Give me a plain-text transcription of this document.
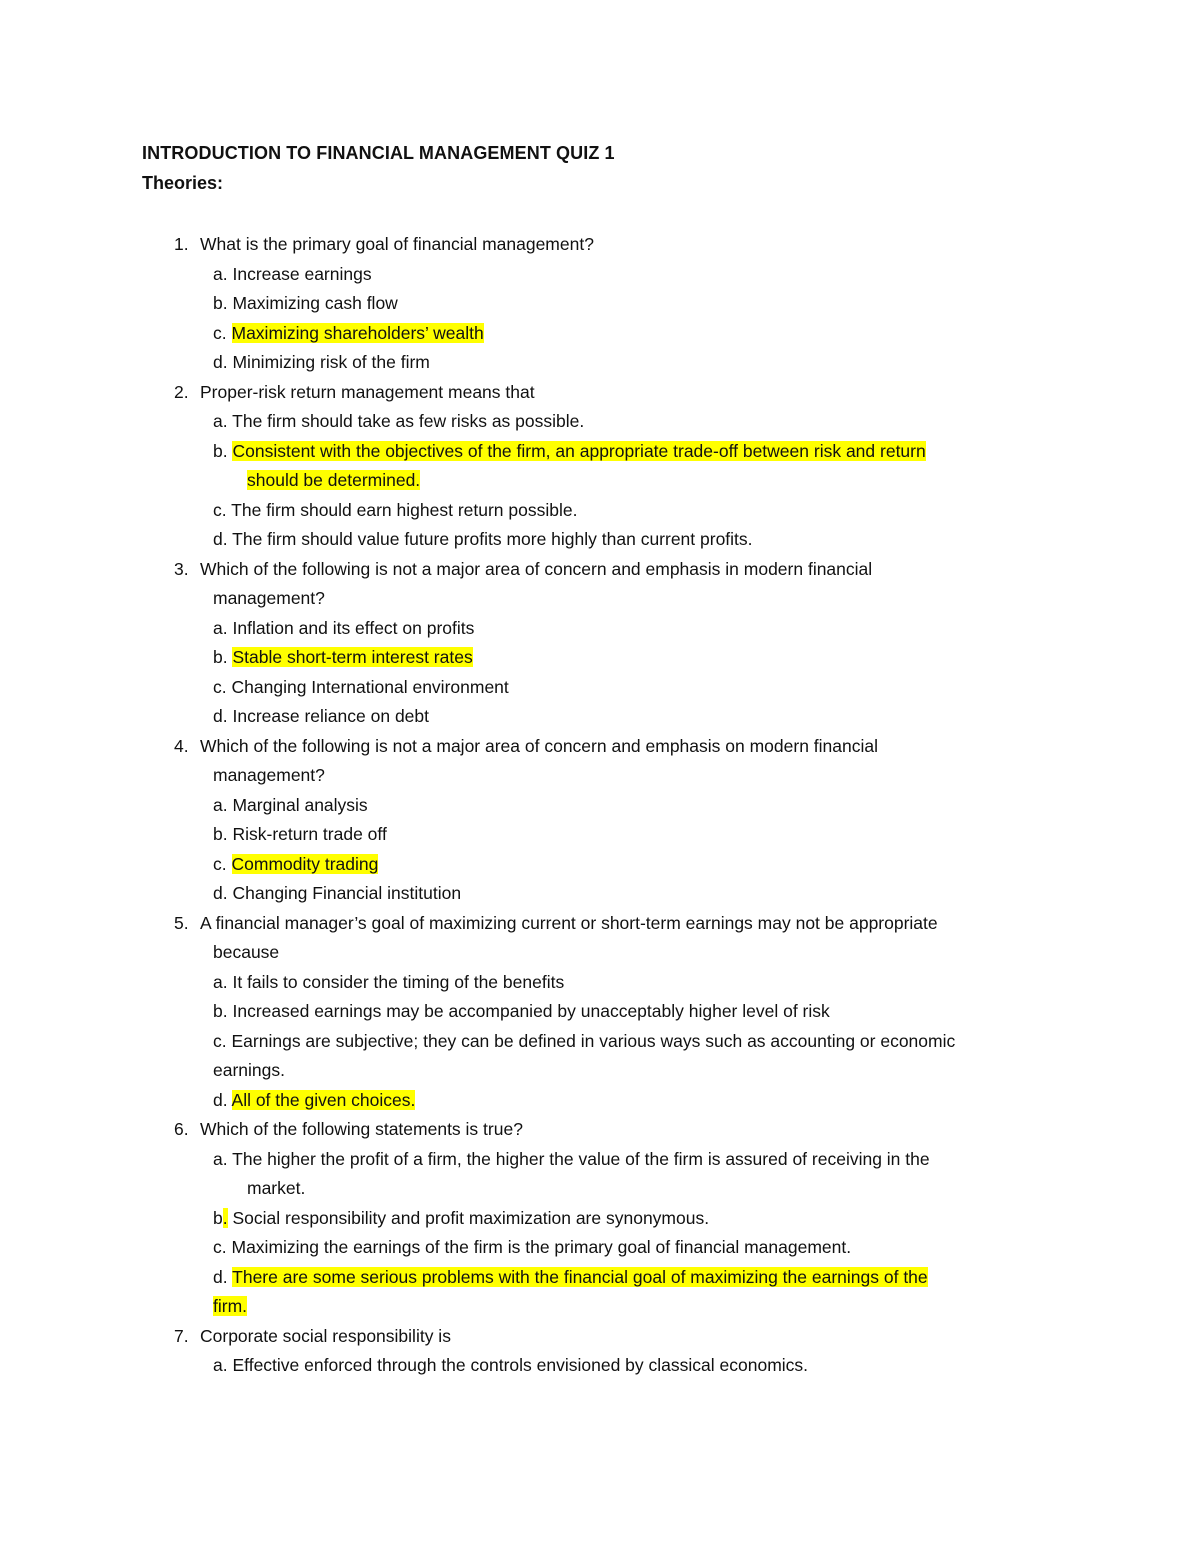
INTRODUCTION TO FINANCIAL MANAGEMENT QUIZ 1
Theories:
1. What is the primary goal of financial management?
a. Increase earnings
b. Maximizing cash flow
c. Maximizing shareholders’ wealth
d. Minimizing risk of the firm
2. Proper-risk return management means that
a. The firm should take as few risks as possible.
b. Consistent with the objectives of the firm, an appropriate trade-off between risk and return
should be determined.
c. The firm should earn highest return possible.
d. The firm should value future profits more highly than current profits.
3. Which of the following is not a major area of concern and emphasis in modern financial
management?
a. Inflation and its effect on profits
b. Stable short-term interest rates
c. Changing International environment
d. Increase reliance on debt
4. Which of the following is not a major area of concern and emphasis on modern financial
management?
a. Marginal analysis
b. Risk-return trade off
c. Commodity trading
d. Changing Financial institution
5. A financial manager’s goal of maximizing current or short-term earnings may not be appropriate
because
a. It fails to consider the timing of the benefits
b. Increased earnings may be accompanied by unacceptably higher level of risk
c. Earnings are subjective; they can be defined in various ways such as accounting or economic
earnings.
d. All of the given choices.
6. Which of the following statements is true?
a. The higher the profit of a firm, the higher the value of the firm is assured of receiving in the
market.
b. Social responsibility and profit maximization are synonymous.
c. Maximizing the earnings of the firm is the primary goal of financial management.
d. There are some serious problems with the financial goal of maximizing the earnings of the
firm.
7. Corporate social responsibility is
a. Effective enforced through the controls envisioned by classical economics.
